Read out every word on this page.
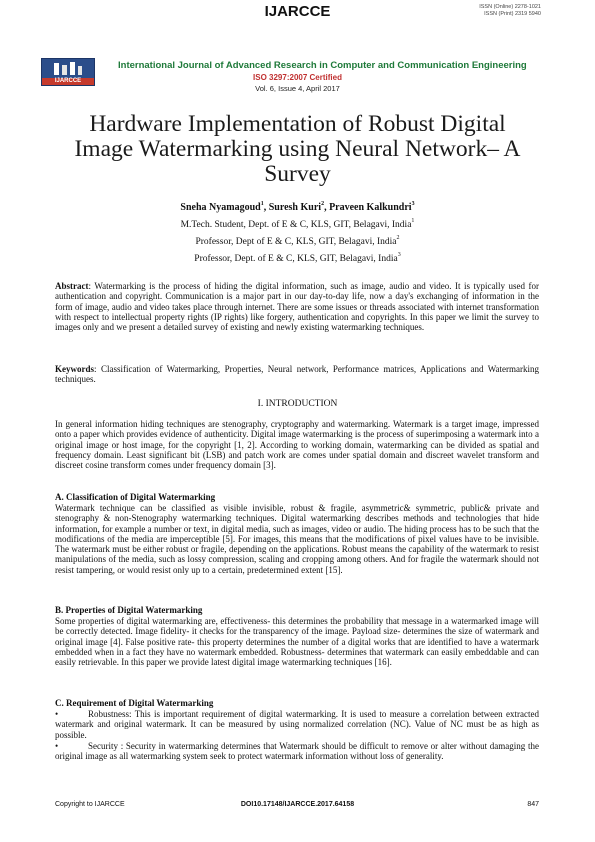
IJARCCE	ISSN (Online) 2278-1021
ISSN (Print) 2319 5940
IJARCCE
International Journal of Advanced Research in Computer and Communication Engineering
ISO 3297:2007 Certified
Vol. 6, Issue 4, April 2017
Hardware Implementation of Robust Digital Image Watermarking using Neural Network– A Survey
Sneha Nyamagoud$^1$, Suresh Kuri$^2$, Praveen Kalkundri$^3$
M.Tech. Student, Dept. of E & C, KLS, GIT, Belagavi, India$^1$
Professor, Dept of E & C, KLS, GIT, Belagavi, India$^2$
Professor, Dept. of E & C, KLS, GIT, Belagavi, India$^3$
Abstract: Watermarking is the process of hiding the digital information, such as image, audio and video. It is typically used for authentication and copyright. Communication is a major part in our day-to-day life, now a day's exchanging of information in the form of image, audio and video takes place through internet. There are some issues or threads associated with internet transformation with respect to intellectual property rights (IP rights) like forgery, authentication and copyrights. In this paper we limit the survey to images only and we present a detailed survey of existing and newly existing watermarking techniques.
Keywords: Classification of Watermarking, Properties, Neural network, Performance matrices, Applications and Watermarking techniques.
I. INTRODUCTION
In general information hiding techniques are stenography, cryptography and watermarking. Watermark is a target image, impressed onto a paper which provides evidence of authenticity. Digital image watermarking is the process of superimposing a watermark into a original image or host image, for the copyright [1, 2]. According to working domain, watermarking can be divided as spatial and frequency domain. Least significant bit (LSB) and patch work are comes under spatial domain and discreet wavelet transform and discreet cosine transform comes under frequency domain [3].
A. Classification of Digital Watermarking
Watermark technique can be classified as visible invisible, robust & fragile, asymmetric& symmetric, public& private and stenography & non-Stenography watermarking techniques. Digital watermarking describes methods and technologies that hide information, for example a number or text, in digital media, such as images, video or audio. The hiding process has to be such that the modifications of the media are imperceptible [5]. For images, this means that the modifications of pixel values have to be invisible. The watermark must be either robust or fragile, depending on the applications. Robust means the capability of the watermark to resist manipulations of the media, such as lossy compression, scaling and cropping among others. And for fragile the watermark should not resist tampering, or would resist only up to a certain, predetermined extent [15].
B. Properties of Digital Watermarking
Some properties of digital watermarking are, effectiveness- this determines the probability that message in a watermarked image will be correctly detected. Image fidelity- it checks for the transparency of the image. Payload size- determines the size of watermark and original image [4]. False positive rate- this property determines the number of a digital works that are identified to have a watermark embedded when in a fact they have no watermark embedded. Robustness- determines that watermark can easily embeddable and can easily retrievable. In this paper we provide latest digital image watermarking techniques [16].
C. Requirement of Digital Watermarking
•	Robustness: This is important requirement of digital watermarking. It is used to measure a correlation between extracted watermark and original watermark. It can be measured by using normalized correlation (NC). Value of NC must be as high as possible.
•	Security : Security in watermarking determines that Watermark should be difficult to remove or alter without damaging the original image as all watermarking system seek to protect watermark information without loss of generality.
Copyright to IJARCCE	DOI10.17148/IJARCCE.2017.64158	847
